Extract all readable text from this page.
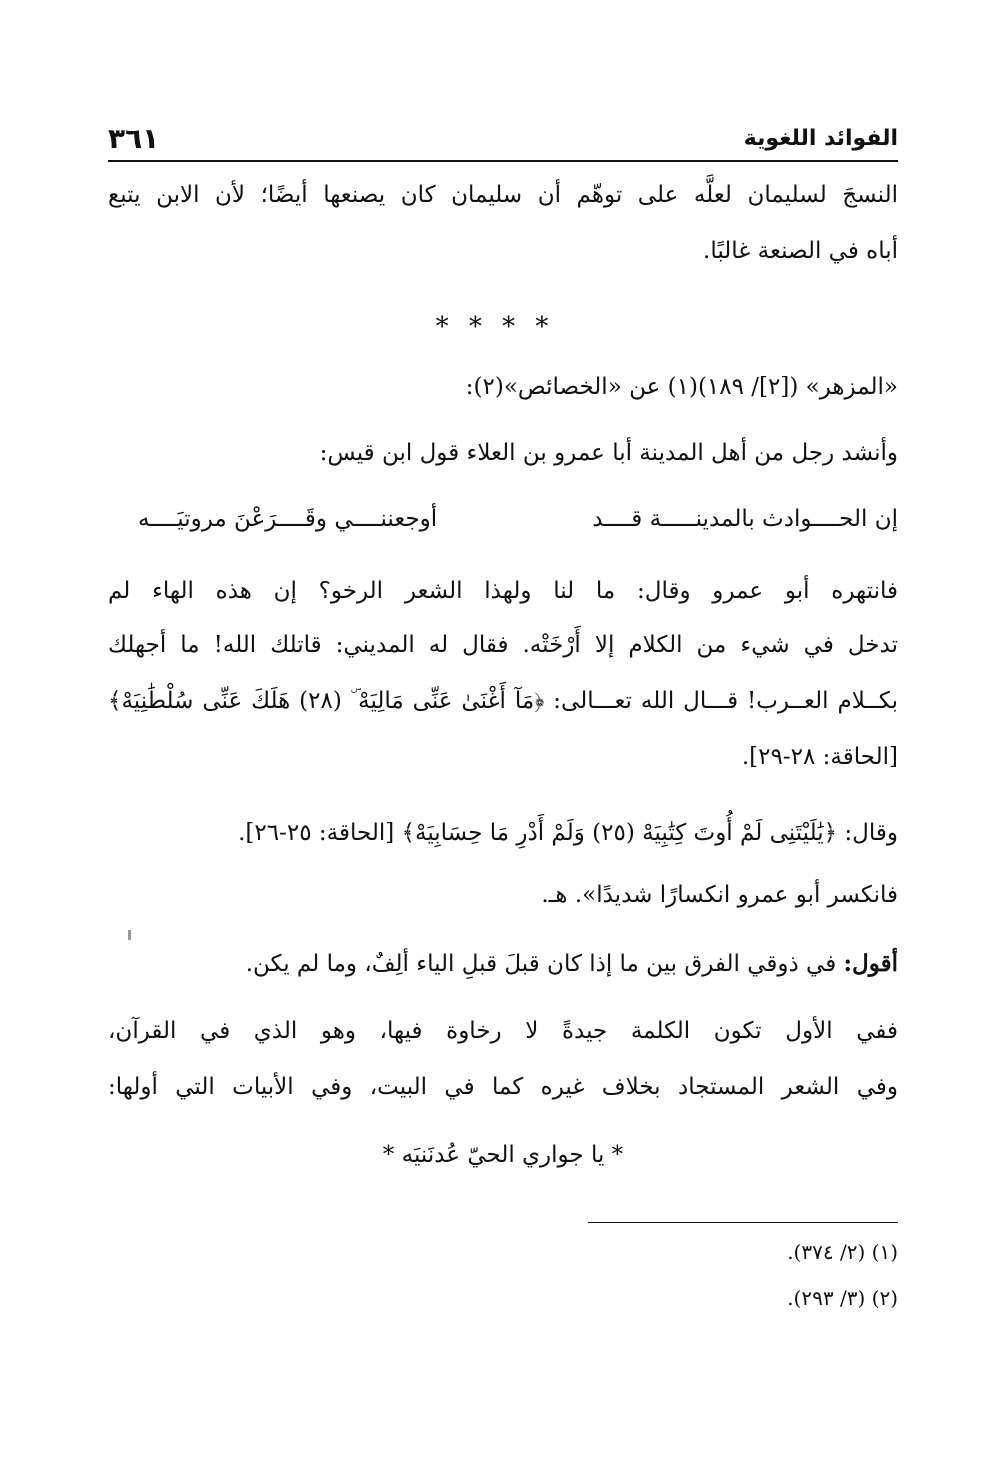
الفوائد اللغوية
٣٦١
النسجَ لسليمان لعلَّه على توهّم أن سليمان كان يصنعها أيضًا؛ لأن الابن يتبع
أباه في الصنعة غالبًا.
* * * *
«المزهر» ([٢]/ ١٨٩)(١) عن «الخصائص»(٢):
وأنشد رجل من أهل المدينة أبا عمرو بن العلاء قول ابن قيس:
إن الحــــوادث بالمدينـــــة قــــد
أوجعننــــي وقَــــرَعْنَ مروتيَــــه
فانتهره أبو عمرو وقال: ما لنا ولهذا الشعر الرخو؟ إن هذه الهاء لم
تدخل في شيء من الكلام إلا أَرْخَتْه. فقال له المديني: قاتلك الله! ما أجهلك
بكــلام العــرب! قـــال الله تعـــالى: ﴿مَآ أَغْنَىٰ عَنِّى مَالِيَهْ ۜ (٢٨) هَلَكَ عَنِّى سُلْطَٰنِيَهْ﴾
[الحاقة: ٢٨-٢٩].
وقال: ﴿يَٰلَيْتَنِى لَمْ أُوتَ كِتَٰبِيَهْ (٢٥) وَلَمْ أَدْرِ مَا حِسَابِيَهْ﴾ [الحاقة: ٢٥-٢٦].
فانكسر أبو عمرو انكسارًا شديدًا». هـ.
أقول: في ذوقي الفرق بين ما إذا كان قبلَ قبلِ الياء ألِفٌ، وما لم يكن.
ففي الأول تكون الكلمة جيدةً لا رخاوة فيها، وهو الذي في القرآن،
وفي الشعر المستجاد بخلاف غيره كما في البيت، وفي الأبيات التي أولها:
* يا جواري الحيّ عُدنَنيَه *
(١) (٢/ ٣٧٤).
(٢) (٣/ ٢٩٣).
